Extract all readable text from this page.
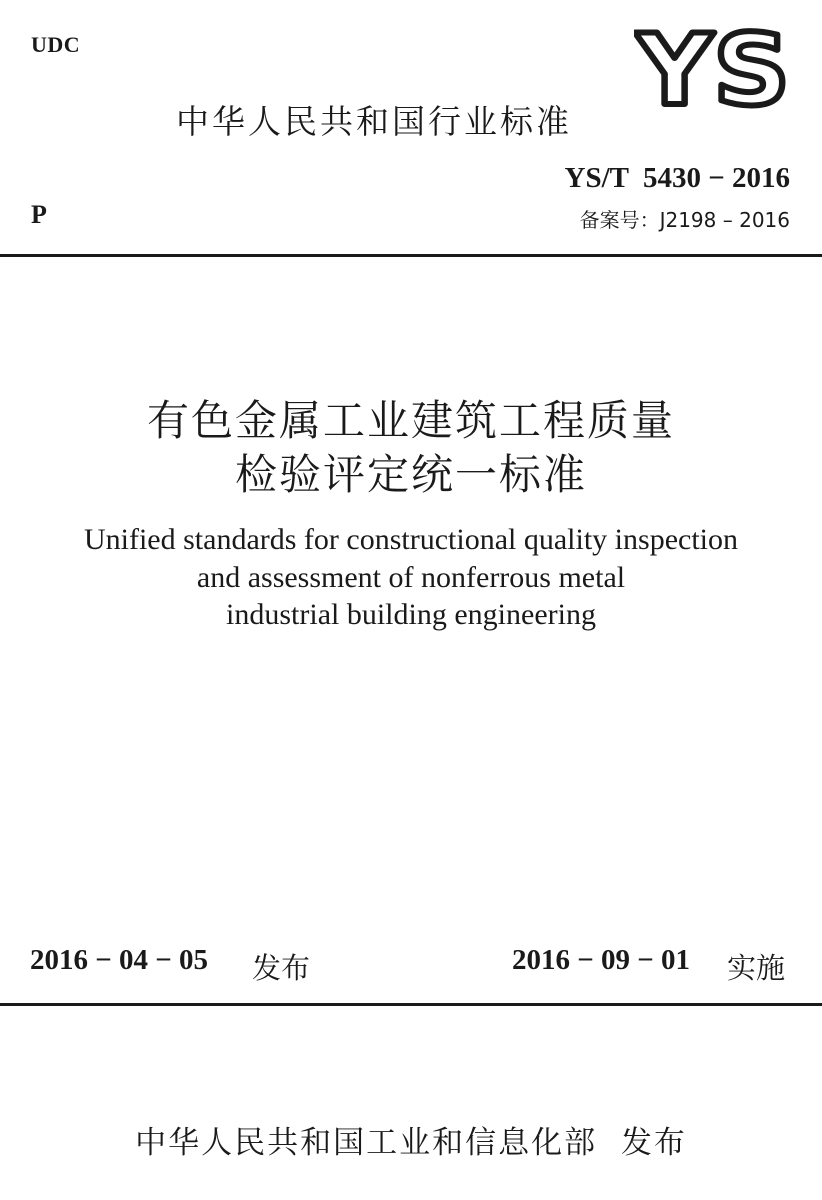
UDC
中华人民共和国行业标准 YS
YS/T  5430 − 2016
P	备案号：J2198 – 2016
有色金属工业建筑工程质量
检验评定统一标准
Unified standards for constructional quality inspection
and assessment of nonferrous metal
industrial building engineering
2016 − 04 − 05 发布	2016 − 09 − 01 实施
中华人民共和国工业和信息化部  发布
